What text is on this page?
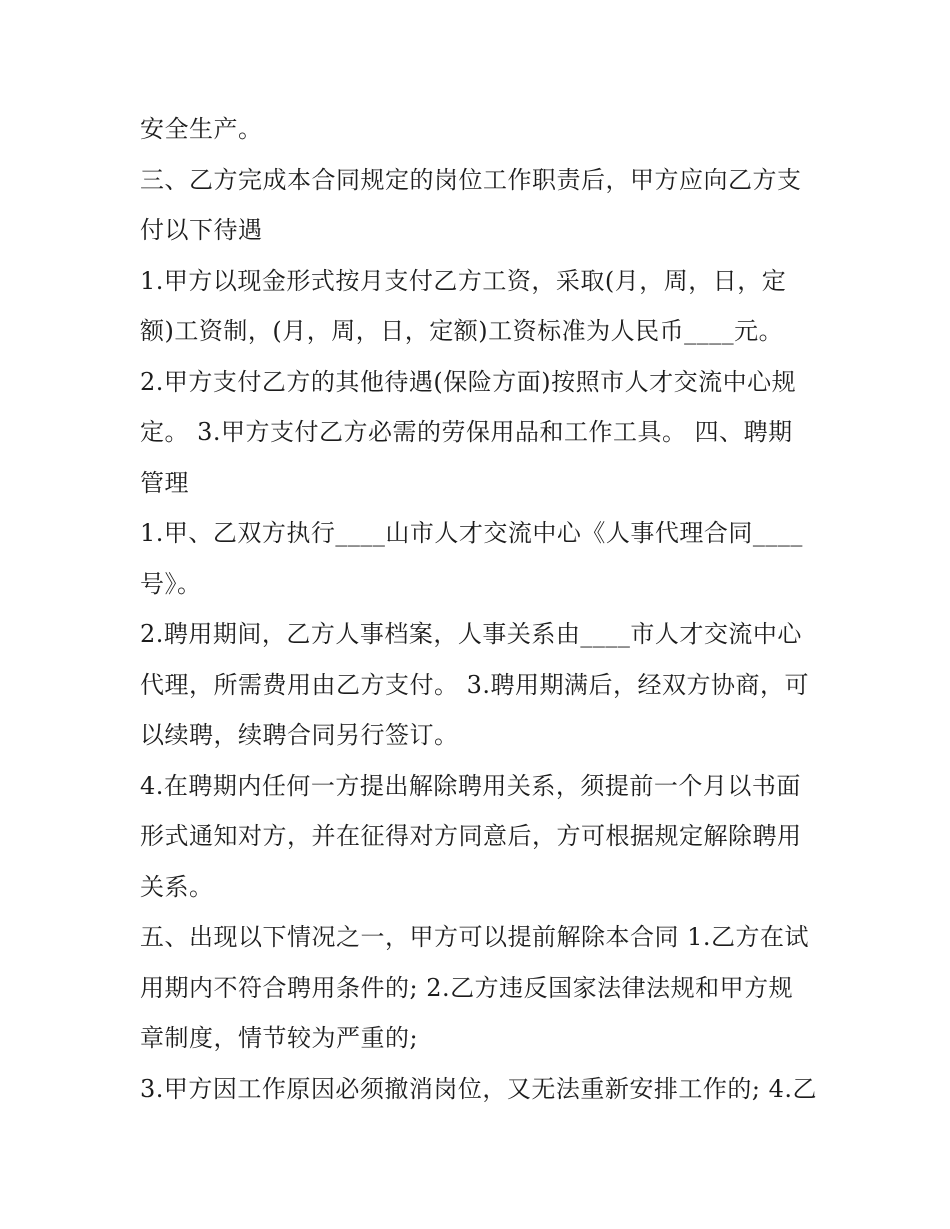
安全生产。
三、乙方完成本合同规定的岗位工作职责后，甲方应向乙方支
付以下待遇
1.甲方以现金形式按月支付乙方工资，采取(月，周，日，定
额)工资制，(月，周，日，定额)工资标准为人民币____元。
2.甲方支付乙方的其他待遇(保险方面)按照市人才交流中心规
定。 3.甲方支付乙方必需的劳保用品和工作工具。 四、聘期
管理
1.甲、乙双方执行____山市人才交流中心《人事代理合同____
号》。
2.聘用期间，乙方人事档案，人事关系由____市人才交流中心
代理，所需费用由乙方支付。 3.聘用期满后，经双方协商，可
以续聘，续聘合同另行签订。
4.在聘期内任何一方提出解除聘用关系，须提前一个月以书面
形式通知对方，并在征得对方同意后，方可根据规定解除聘用
关系。
五、出现以下情况之一，甲方可以提前解除本合同 1.乙方在试
用期内不符合聘用条件的; 2.乙方违反国家法律法规和甲方规
章制度，情节较为严重的;
3.甲方因工作原因必须撤消岗位，又无法重新安排工作的; 4.乙
